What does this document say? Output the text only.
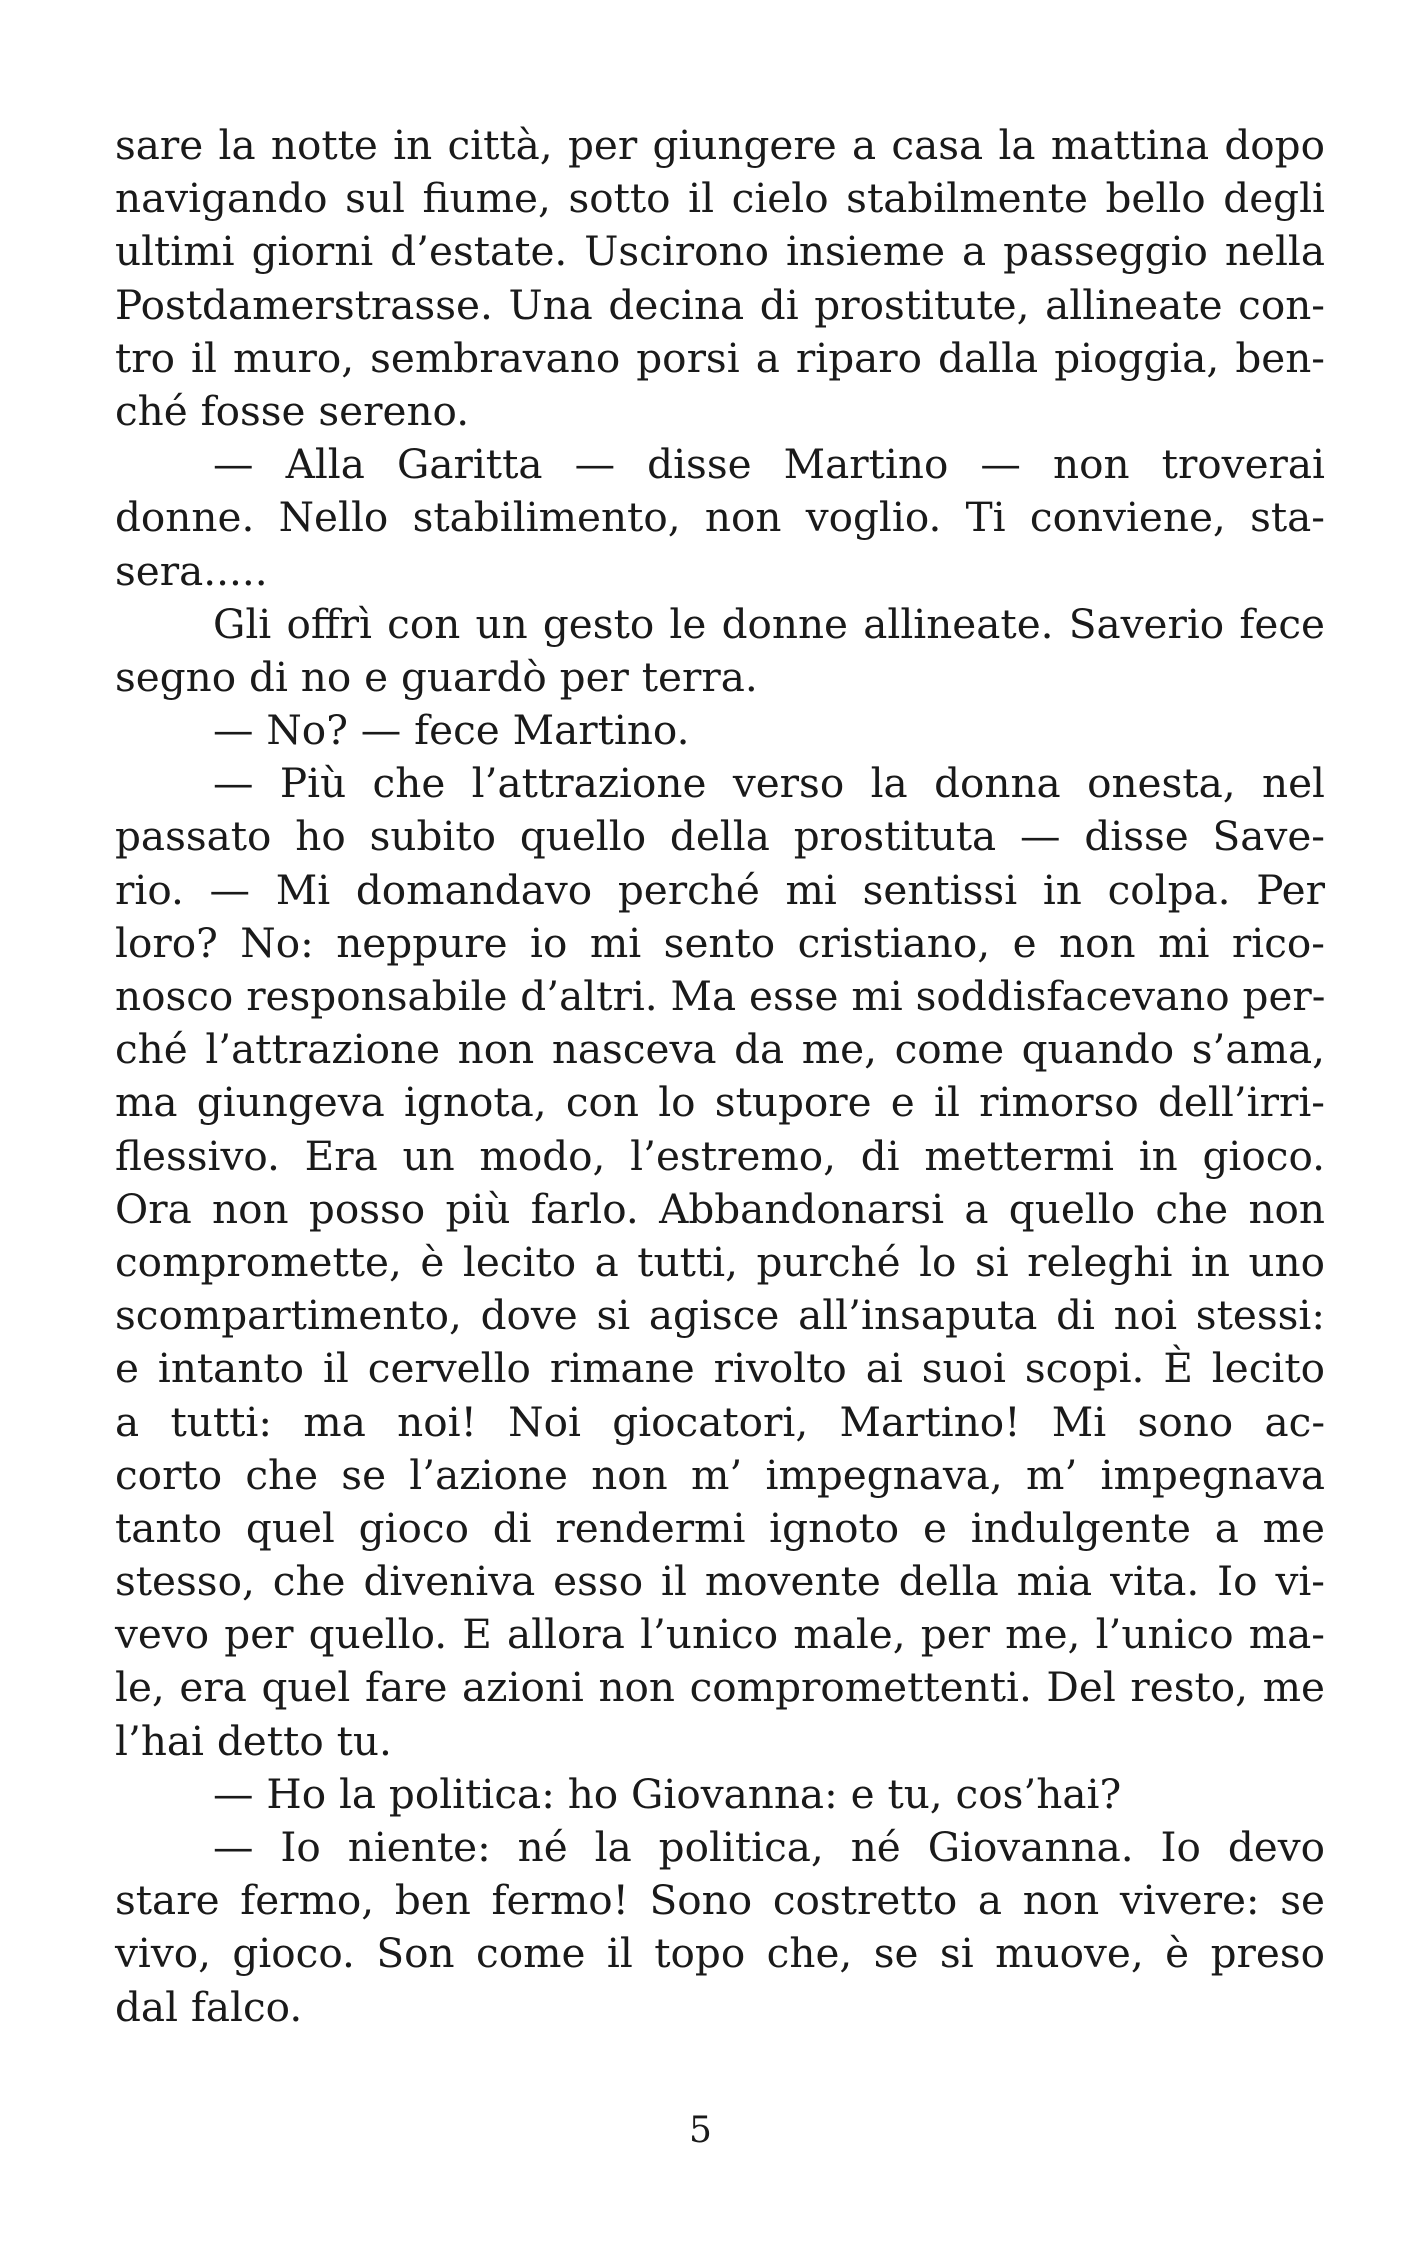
sare la notte in città, per giungere a casa la mattina dopo
navigando sul fiume, sotto il cielo stabilmente bello degli
ultimi giorni d’estate. Uscirono insieme a passeggio nella
Postdamerstrasse. Una decina di prostitute, allineate con-
tro il muro, sembravano porsi a riparo dalla pioggia, ben-
ché fosse sereno.
— Alla Garitta — disse Martino — non troverai
donne. Nello stabilimento, non voglio. Ti conviene, sta-
sera.....
Gli offrì con un gesto le donne allineate. Saverio fece
segno di no e guardò per terra.
— No? — fece Martino.
— Più che l’attrazione verso la donna onesta, nel
passato ho subito quello della prostituta — disse Save-
rio. — Mi domandavo perché mi sentissi in colpa. Per
loro? No: neppure io mi sento cristiano, e non mi rico-
nosco responsabile d’altri. Ma esse mi soddisfacevano per-
ché l’attrazione non nasceva da me, come quando s’ama,
ma giungeva ignota, con lo stupore e il rimorso dell’irri-
flessivo. Era un modo, l’estremo, di mettermi in gioco.
Ora non posso più farlo. Abbandonarsi a quello che non
compromette, è lecito a tutti, purché lo si releghi in uno
scompartimento, dove si agisce all’insaputa di noi stessi:
e intanto il cervello rimane rivolto ai suoi scopi. È lecito
a tutti: ma noi! Noi giocatori, Martino! Mi sono ac-
corto che se l’azione non m’ impegnava, m’ impegnava
tanto quel gioco di rendermi ignoto e indulgente a me
stesso, che diveniva esso il movente della mia vita. Io vi-
vevo per quello. E allora l’unico male, per me, l’unico ma-
le, era quel fare azioni non compromettenti. Del resto, me
l’hai detto tu.
— Ho la politica: ho Giovanna: e tu, cos’hai?
— Io niente: né la politica, né Giovanna. Io devo
stare fermo, ben fermo! Sono costretto a non vivere: se
vivo, gioco. Son come il topo che, se si muove, è preso
dal falco.
5
